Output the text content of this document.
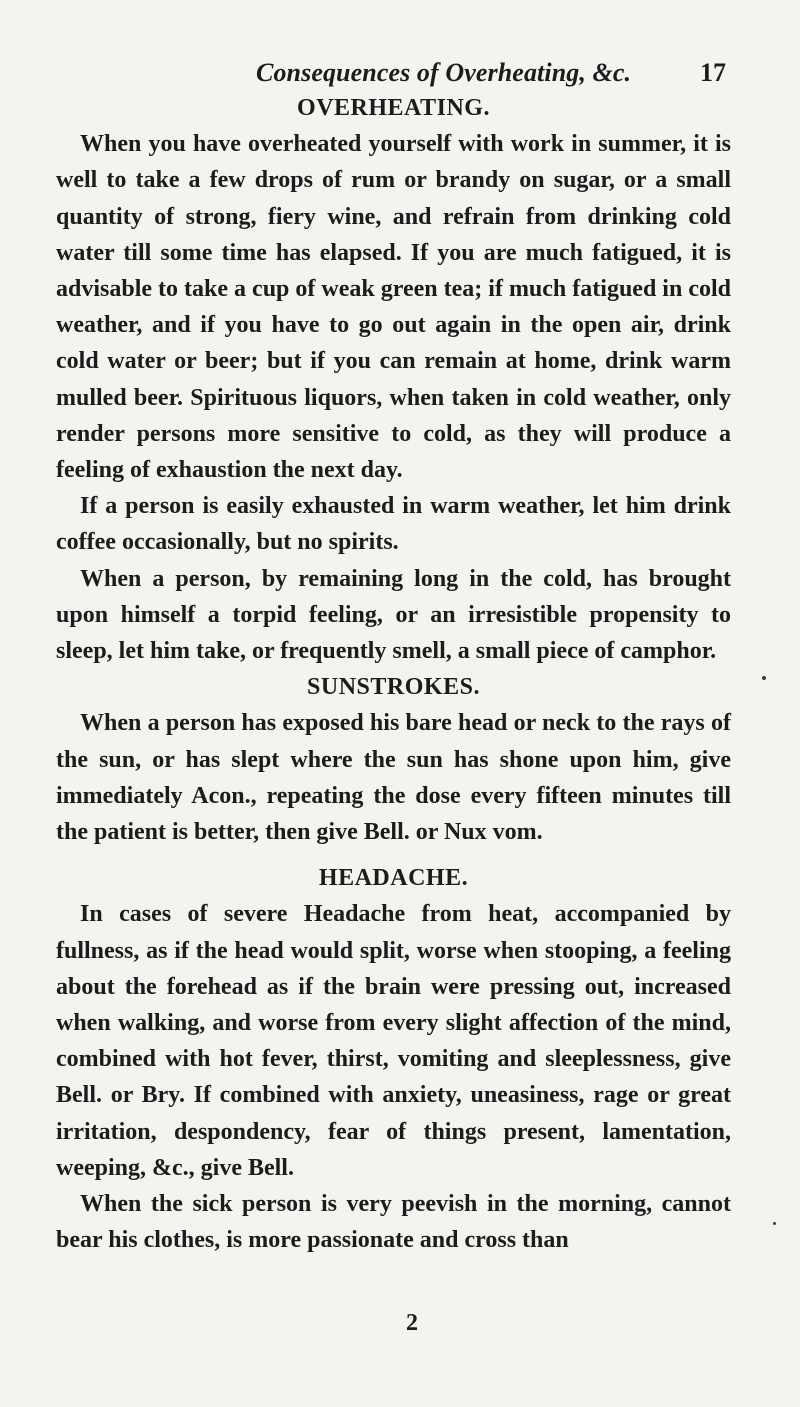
Consequences of Overheating, &c.	17
OVERHEATING.

When you have overheated yourself with work in summer, it is well to take a few drops of rum or brandy on sugar, or a small quantity of strong, fiery wine, and refrain from drinking cold water till some time has elapsed. If you are much fatigued, it is advisable to take a cup of weak green tea; if much fatigued in cold weather, and if you have to go out again in the open air, drink cold water or beer; but if you can remain at home, drink warm mulled beer. Spirituous liquors, when taken in cold weather, only render persons more sensitive to cold, as they will produce a feeling of exhaustion the next day.

If a person is easily exhausted in warm weather, let him drink coffee occasionally, but no spirits.

When a person, by remaining long in the cold, has brought upon himself a torpid feeling, or an irresistible propensity to sleep, let him take, or frequently smell, a small piece of camphor.

SUNSTROKES.

When a person has exposed his bare head or neck to the rays of the sun, or has slept where the sun has shone upon him, give immediately Acon., repeating the dose every fifteen minutes till the patient is better, then give Bell. or Nux vom.

HEADACHE.

In cases of severe Headache from heat, accompanied by fullness, as if the head would split, worse when stooping, a feeling about the forehead as if the brain were pressing out, increased when walking, and worse from every slight affection of the mind, combined with hot fever, thirst, vomiting and sleeplessness, give Bell. or Bry. If combined with anxiety, uneasiness, rage or great irritation, despondency, fear of things present, lamentation, weeping, &c., give Bell.

When the sick person is very peevish in the morning, cannot bear his clothes, is more passionate and cross than

2
